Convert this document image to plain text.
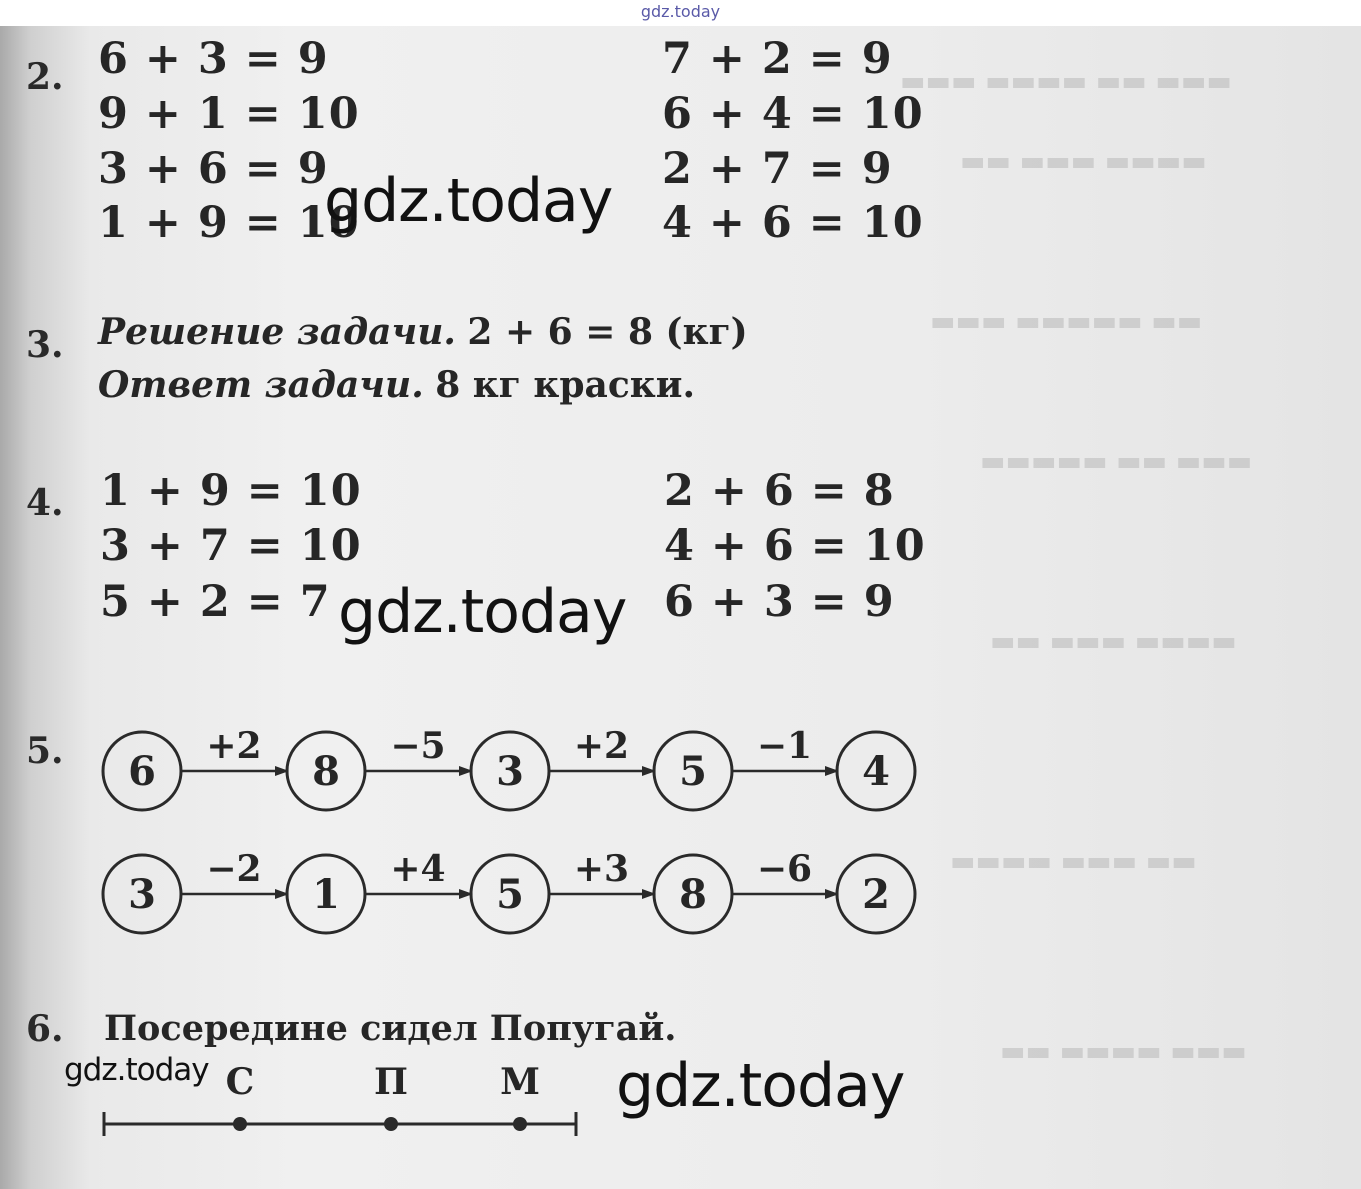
gdz.today
▬▬▬ ▬▬ ▬▬▬▬ ▬▬▬
▬▬▬▬ ▬▬▬ ▬▬
▬▬ ▬▬▬▬▬ ▬▬▬
▬▬▬ ▬▬ ▬▬▬▬▬
▬▬▬▬ ▬▬▬ ▬▬
▬▬ ▬▬▬ ▬▬▬▬
▬▬▬ ▬▬▬▬ ▬▬
2. 6 + 3 = 9
9 + 1 = 10
3 + 6 = 9
1 + 9 = 10
7 + 2 = 9
6 + 4 = 10
2 + 7 = 9
4 + 6 = 10
3. Решение задачи. 2 + 6 = 8 (кг)
Ответ задачи. 8 кг краски.
4. 1 + 9 = 10
3 + 7 = 10
5 + 2 = 7
2 + 6 = 8
4 + 6 = 10
6 + 3 = 9
5. 6	8	3	5	4
+2	−5	+2	−1
3	1	5	8	2
−2	+4	+3	−6
6. Посередине сидел Попугай.
С	П	М
gdz.today
gdz.today
gdz.today	gdz.today
